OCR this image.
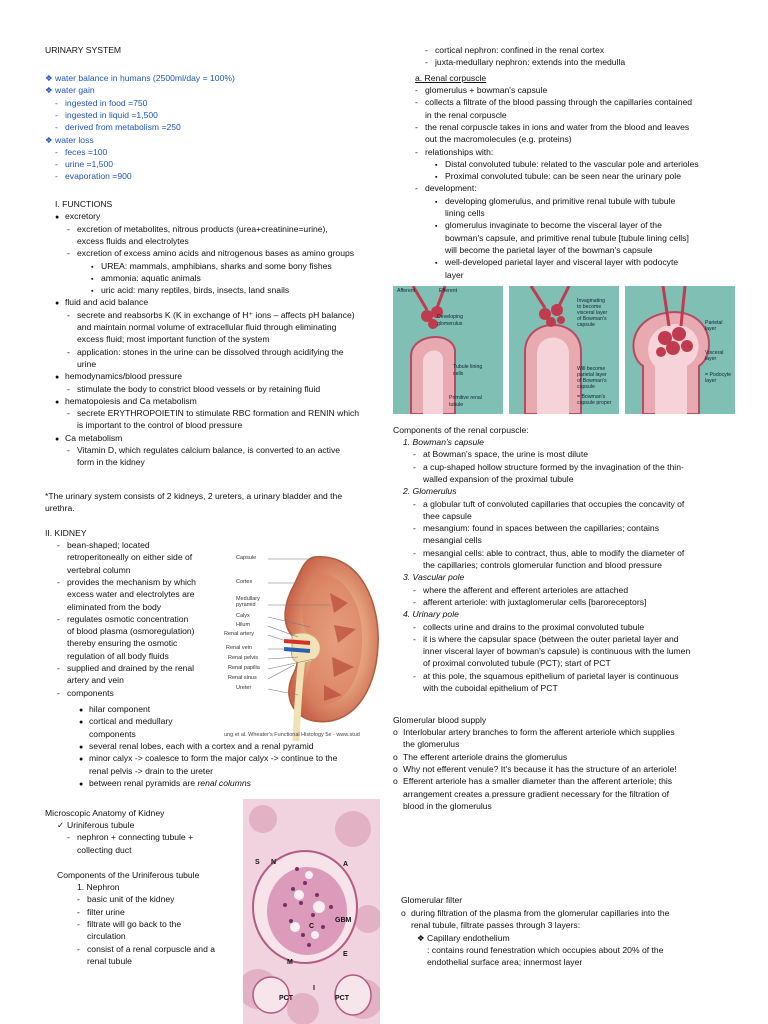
URINARY SYSTEM
❖ water balance in humans (2500ml/day = 100%)
❖ water gain
- ingested in food =750
- ingested in liquid =1,500
- derived from metabolism =250
❖ water loss
- feces =100
- urine =1,500
- evaporation =900
I. FUNCTIONS
● excretory
- excretion of metabolites, nitrous products (urea+creatinine=urine),
excess fluids and electrolytes
- excretion of excess amino acids and nitrogenous bases as amino groups
▪ UREA: mammals, amphibians, sharks and some bony fishes
▪ ammonia: aquatic animals
▪ uric acid: many reptiles, birds, insects, land snails
● fluid and acid balance
- secrete and reabsorbs K (K in exchange of H⁺ ions – affects pH balance)
and maintain normal volume of extracellular fluid through eliminating
excess fluid; most important function of the system
- application: stones in the urine can be dissolved through acidifying the
urine
● hemodynamics/blood pressure
- stimulate the body to constrict blood vessels or by retaining fluid
● hematopoiesis and Ca metabolism
- secrete ERYTHROPOIETIN to stimulate RBC formation and RENIN which
is important to the control of blood pressure
● Ca metabolism
- Vitamin D, which regulates calcium balance, is converted to an active
form in the kidney
*The urinary system consists of 2 kidneys, 2 ureters, a urinary bladder and the
urethra.
II. KIDNEY
- bean-shaped; located
retroperitoneally on either side of
vertebral column
- provides the mechanism by which
excess water and electrolytes are
eliminated from the body
- regulates osmotic concentration
of blood plasma (osmoregulation)
thereby ensuring the osmotic
regulation of all body fluids
- supplied and drained by the renal
artery and vein
- components
● hilar component
● cortical and medullary
components
● several renal lobes, each with a cortex and a renal pyramid
● minor calyx -> coalesce to form the major calyx -> continue to the
renal pelvis -> drain to the ureter
● between renal pyramids are renal columns
Microscopic Anatomy of Kidney
✓ Uriniferous tubule
- nephron + connecting tubule +
collecting duct
Components of the Uriniferous tubule
1. Nephron
- basic unit of the kidney
- filter urine
- filtrate will go back to the
circulation
- consist of a renal corpuscle and a
renal tubule
Capsule
Cortex
Medullary
pyramid
Calyx
Hilum
Renal artery
Renal vein
Renal pelvis
Renal papilla
Renal sinus
Ureter
ung et al. Wheater's Functional Histology 5e - www.stud
S N	A
GBM
E
C
M
PCT	PCT
I
- cortical nephron: confined in the renal cortex
- juxta-medullary nephron: extends into the medulla
a. Renal corpuscle
- glomerulus + bowman's capsule
- collects a filtrate of the blood passing through the capillaries contained
in the renal corpuscle
- the renal corpuscle takes in ions and water from the blood and leaves
out the macromolecules (e.g. proteins)
- relationships with:
▪ Distal convoluted tubule: related to the vascular pole and arterioles
▪ Proximal convoluted tubule: can be seen near the urinary pole
- development:
▪ developing glomerulus, and primitive renal tubule with tubule
lining cells
▪ glomerulus invaginate to become the visceral layer of the
bowman's capsule, and primitive renal tubule [tubule lining cells]
will become the parietal layer of the bowman's capsule
▪ well-developed parietal layer and visceral layer with podocyte
layer
Afferent	Efferent
Developing
glomerulus
Tubule lining
cells
Primitive renal
tubule
Invaginating
to become
visceral layer
of Bowman's
capsule
Will become
parietal layer
of Bowman's
capsule
= Bowman's
capsule proper
Parietal
layer
Visceral
layer
= Podocyte
layer
Components of the renal corpuscle:
1. Bowman's capsule
- at Bowman's space, the urine is most dilute
- a cup-shaped hollow structure formed by the invagination of the thin-
walled expansion of the proximal tubule
2. Glomerulus
- a globular tuft of convoluted capillaries that occupies the concavity of
thee capsule
- mesangium: found in spaces between the capillaries; contains
mesangial cells
- mesangial cells: able to contract, thus, able to modify the diameter of
the capillaries; controls glomerular function and blood pressure
3. Vascular pole
- where the afferent and efferent arterioles are attached
- afferent arteriole: with juxtaglomerular cells [baroreceptors]
4. Urinary pole
- collects urine and drains to the proximal convoluted tubule
- it is where the capsular space (between the outer parietal layer and
inner visceral layer of bowman's capsule) is continuous with the lumen
of proximal convoluted tubule (PCT); start of PCT
- at this pole, the squamous epithelium of parietal layer is continuous
with the cuboidal epithelium of PCT
Glomerular blood supply
o Interlobular artery branches to form the afferent arteriole which supplies
the glomerulus
o The efferent arteriole drains the glomerulus
o Why not efferent venule? It's because it has the structure of an arteriole!
o Efferent arteriole has a smaller diameter than the afferent arteriole; this
arrangement creates a pressure gradient necessary for the filtration of
blood in the glomerulus
Glomerular filter
o during filtration of the plasma from the glomerular capillaries into the
renal tubule, filtrate passes through 3 layers:
❖ Capillary endothelium
: contains round fenestration which occupies about 20% of the
endothelial surface area; innermost layer
